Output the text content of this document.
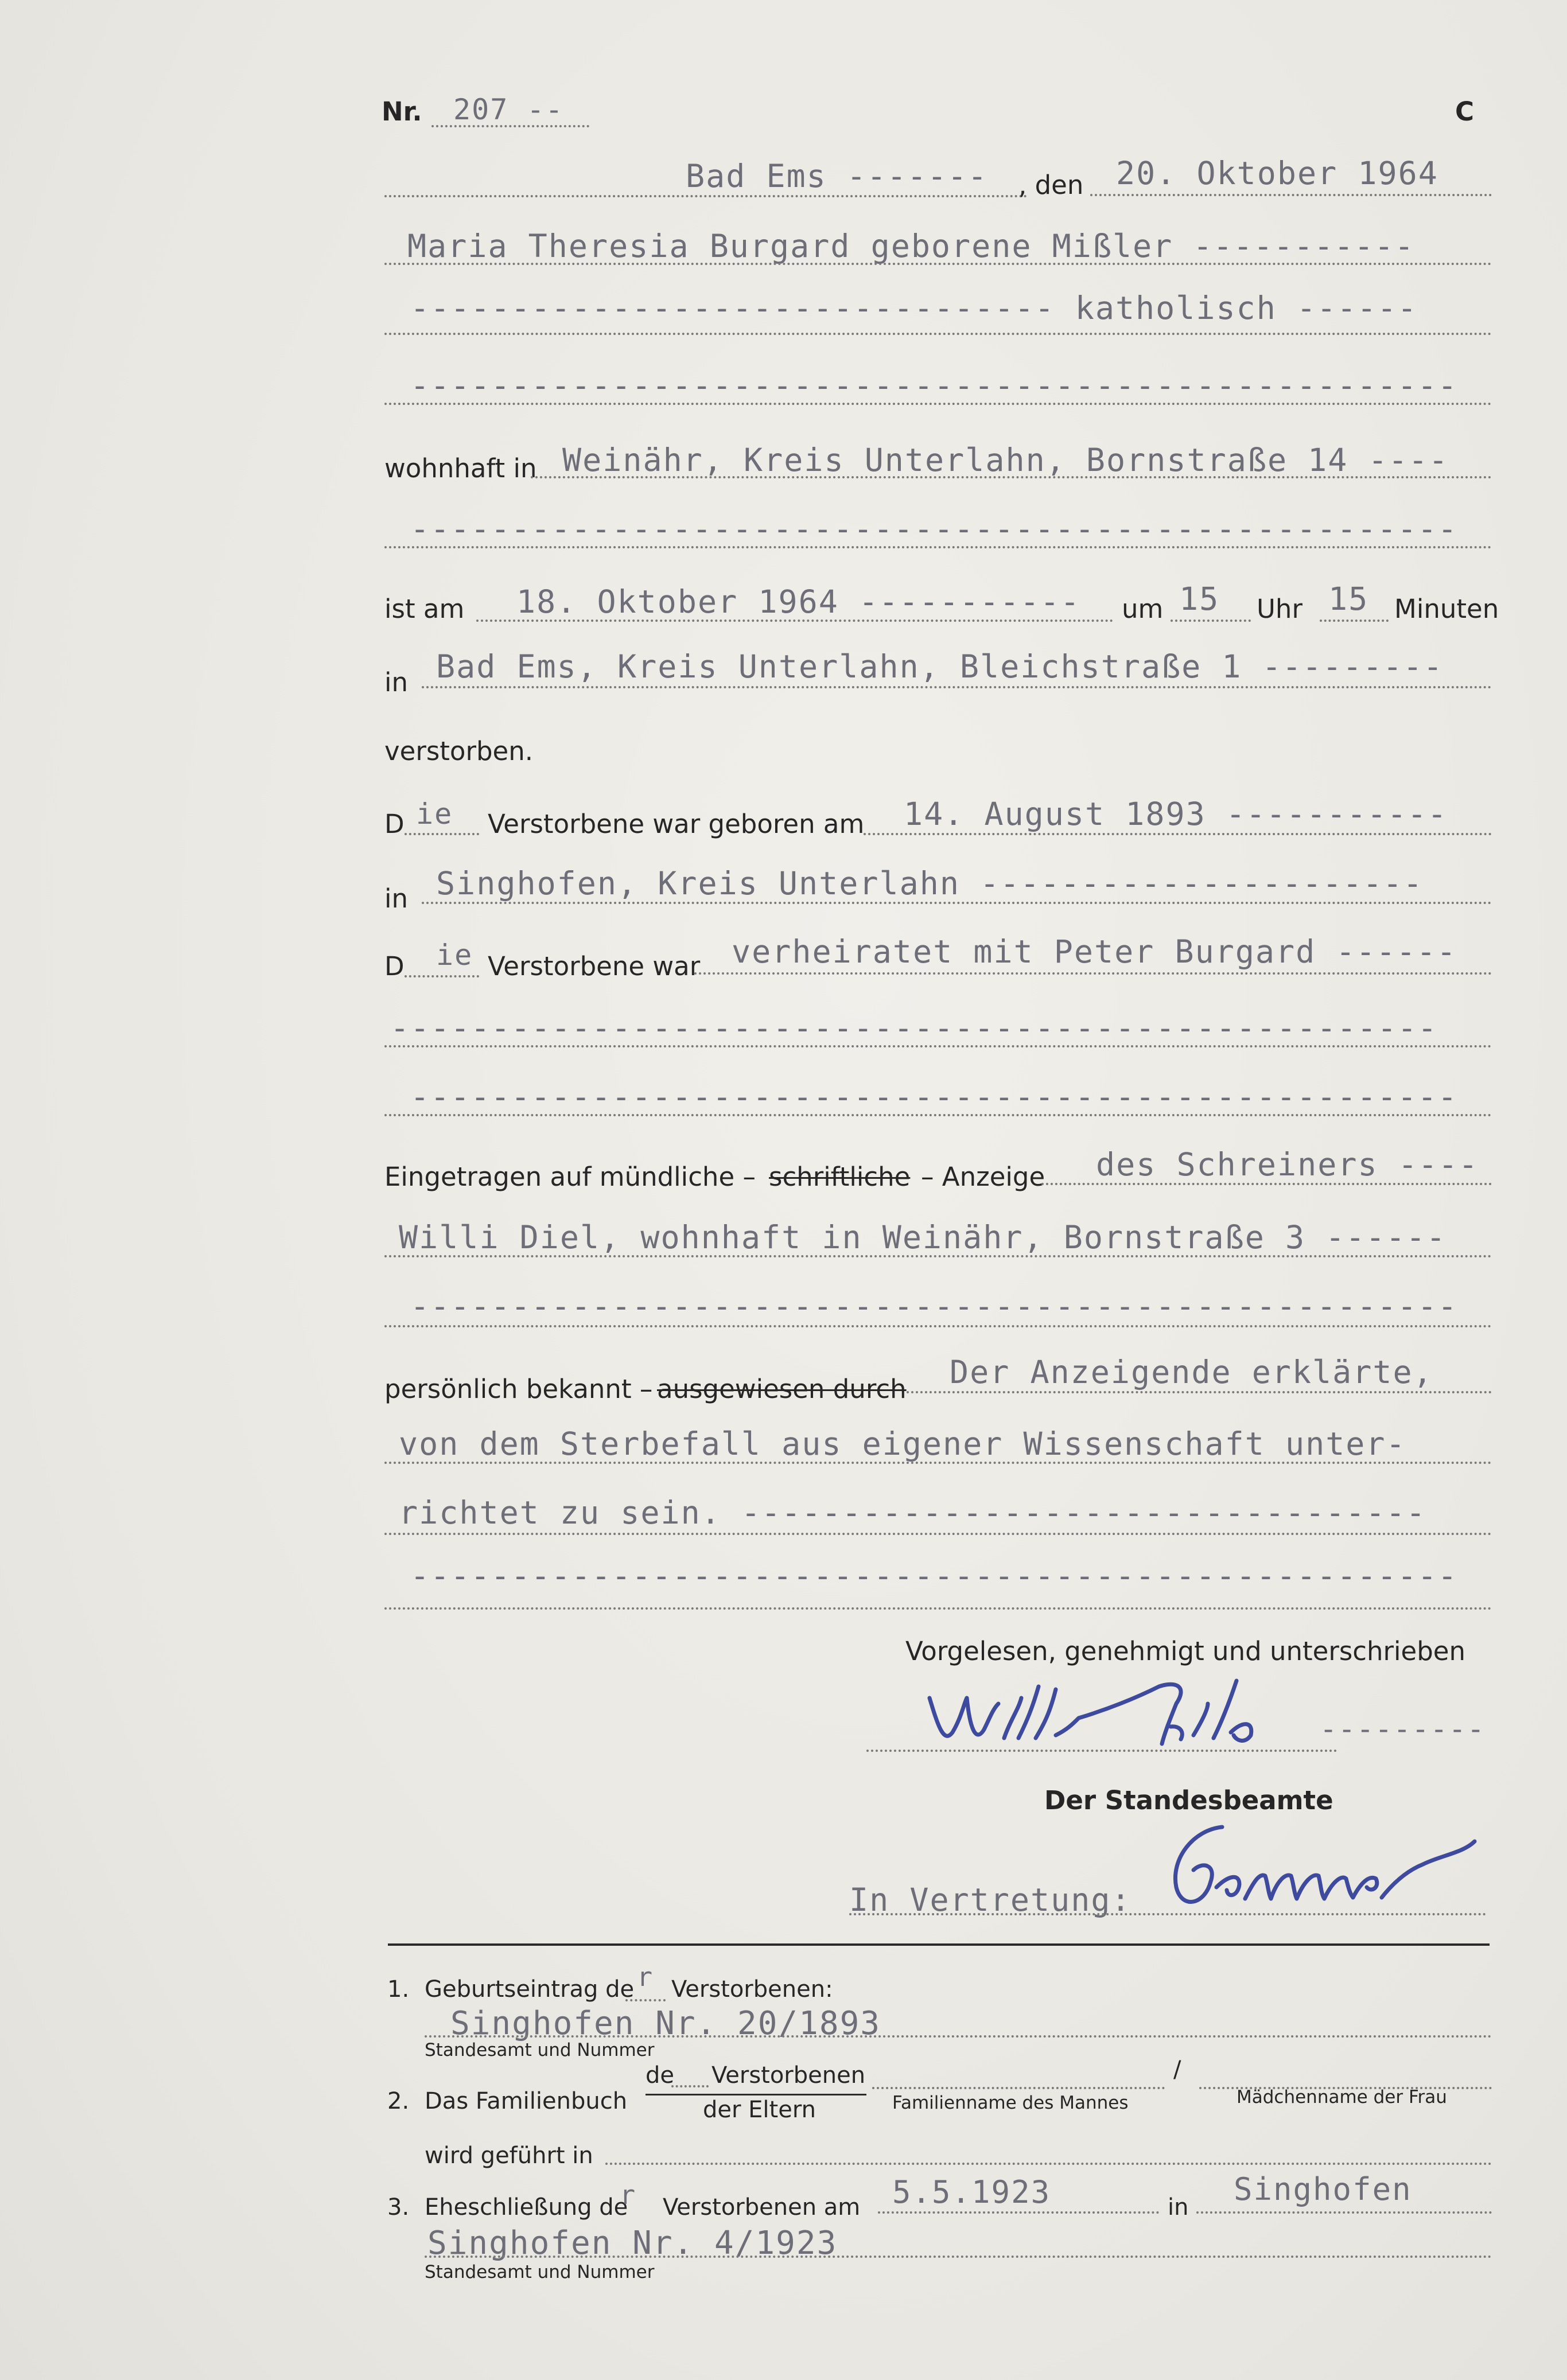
Nr. 207 --	C
Bad Ems ------- , den 20. Oktober 1964
Maria Theresia Burgard geborene Mißler -----------
-------------------------------- katholisch ------
----------------------------------------------------
wohnhaft in Weinähr, Kreis Unterlahn, Bornstraße 14 ----
----------------------------------------------------
ist am 18. Oktober 1964 ----------- um 15 Uhr 15 Minuten
in Bad Ems, Kreis Unterlahn, Bleichstraße 1 ---------
verstorben.
D ie Verstorbene war geboren am 14. August 1893 -----------
in Singhofen, Kreis Unterlahn ----------------------
D ie Verstorbene war verheiratet mit Peter Burgard ------
----------------------------------------------------
----------------------------------------------------
Eingetragen auf mündliche – schriftliche – Anzeige des Schreiners ----
Willi Diel, wohnhaft in Weinähr, Bornstraße 3 ------
----------------------------------------------------
persönlich bekannt – ausgewiesen durch Der Anzeigende erklärte,
von dem Sterbefall aus eigener Wissenschaft unter-
richtet zu sein. ----------------------------------
----------------------------------------------------
Vorgelesen, genehmigt und unterschrieben
---------
Der Standesbeamte
In Vertretung:
1. Geburtseintrag de r Verstorbenen:
Singhofen Nr. 20/1893
Standesamt und Nummer
2. Das Familienbuch
de Verstorbenen
der Eltern
/
Familienname des Mannes	Mädchenname der Frau
wird geführt in
3. Eheschließung de
r Verstorbenen am 5.5.1923	in Singhofen
Singhofen Nr. 4/1923
Standesamt und Nummer
